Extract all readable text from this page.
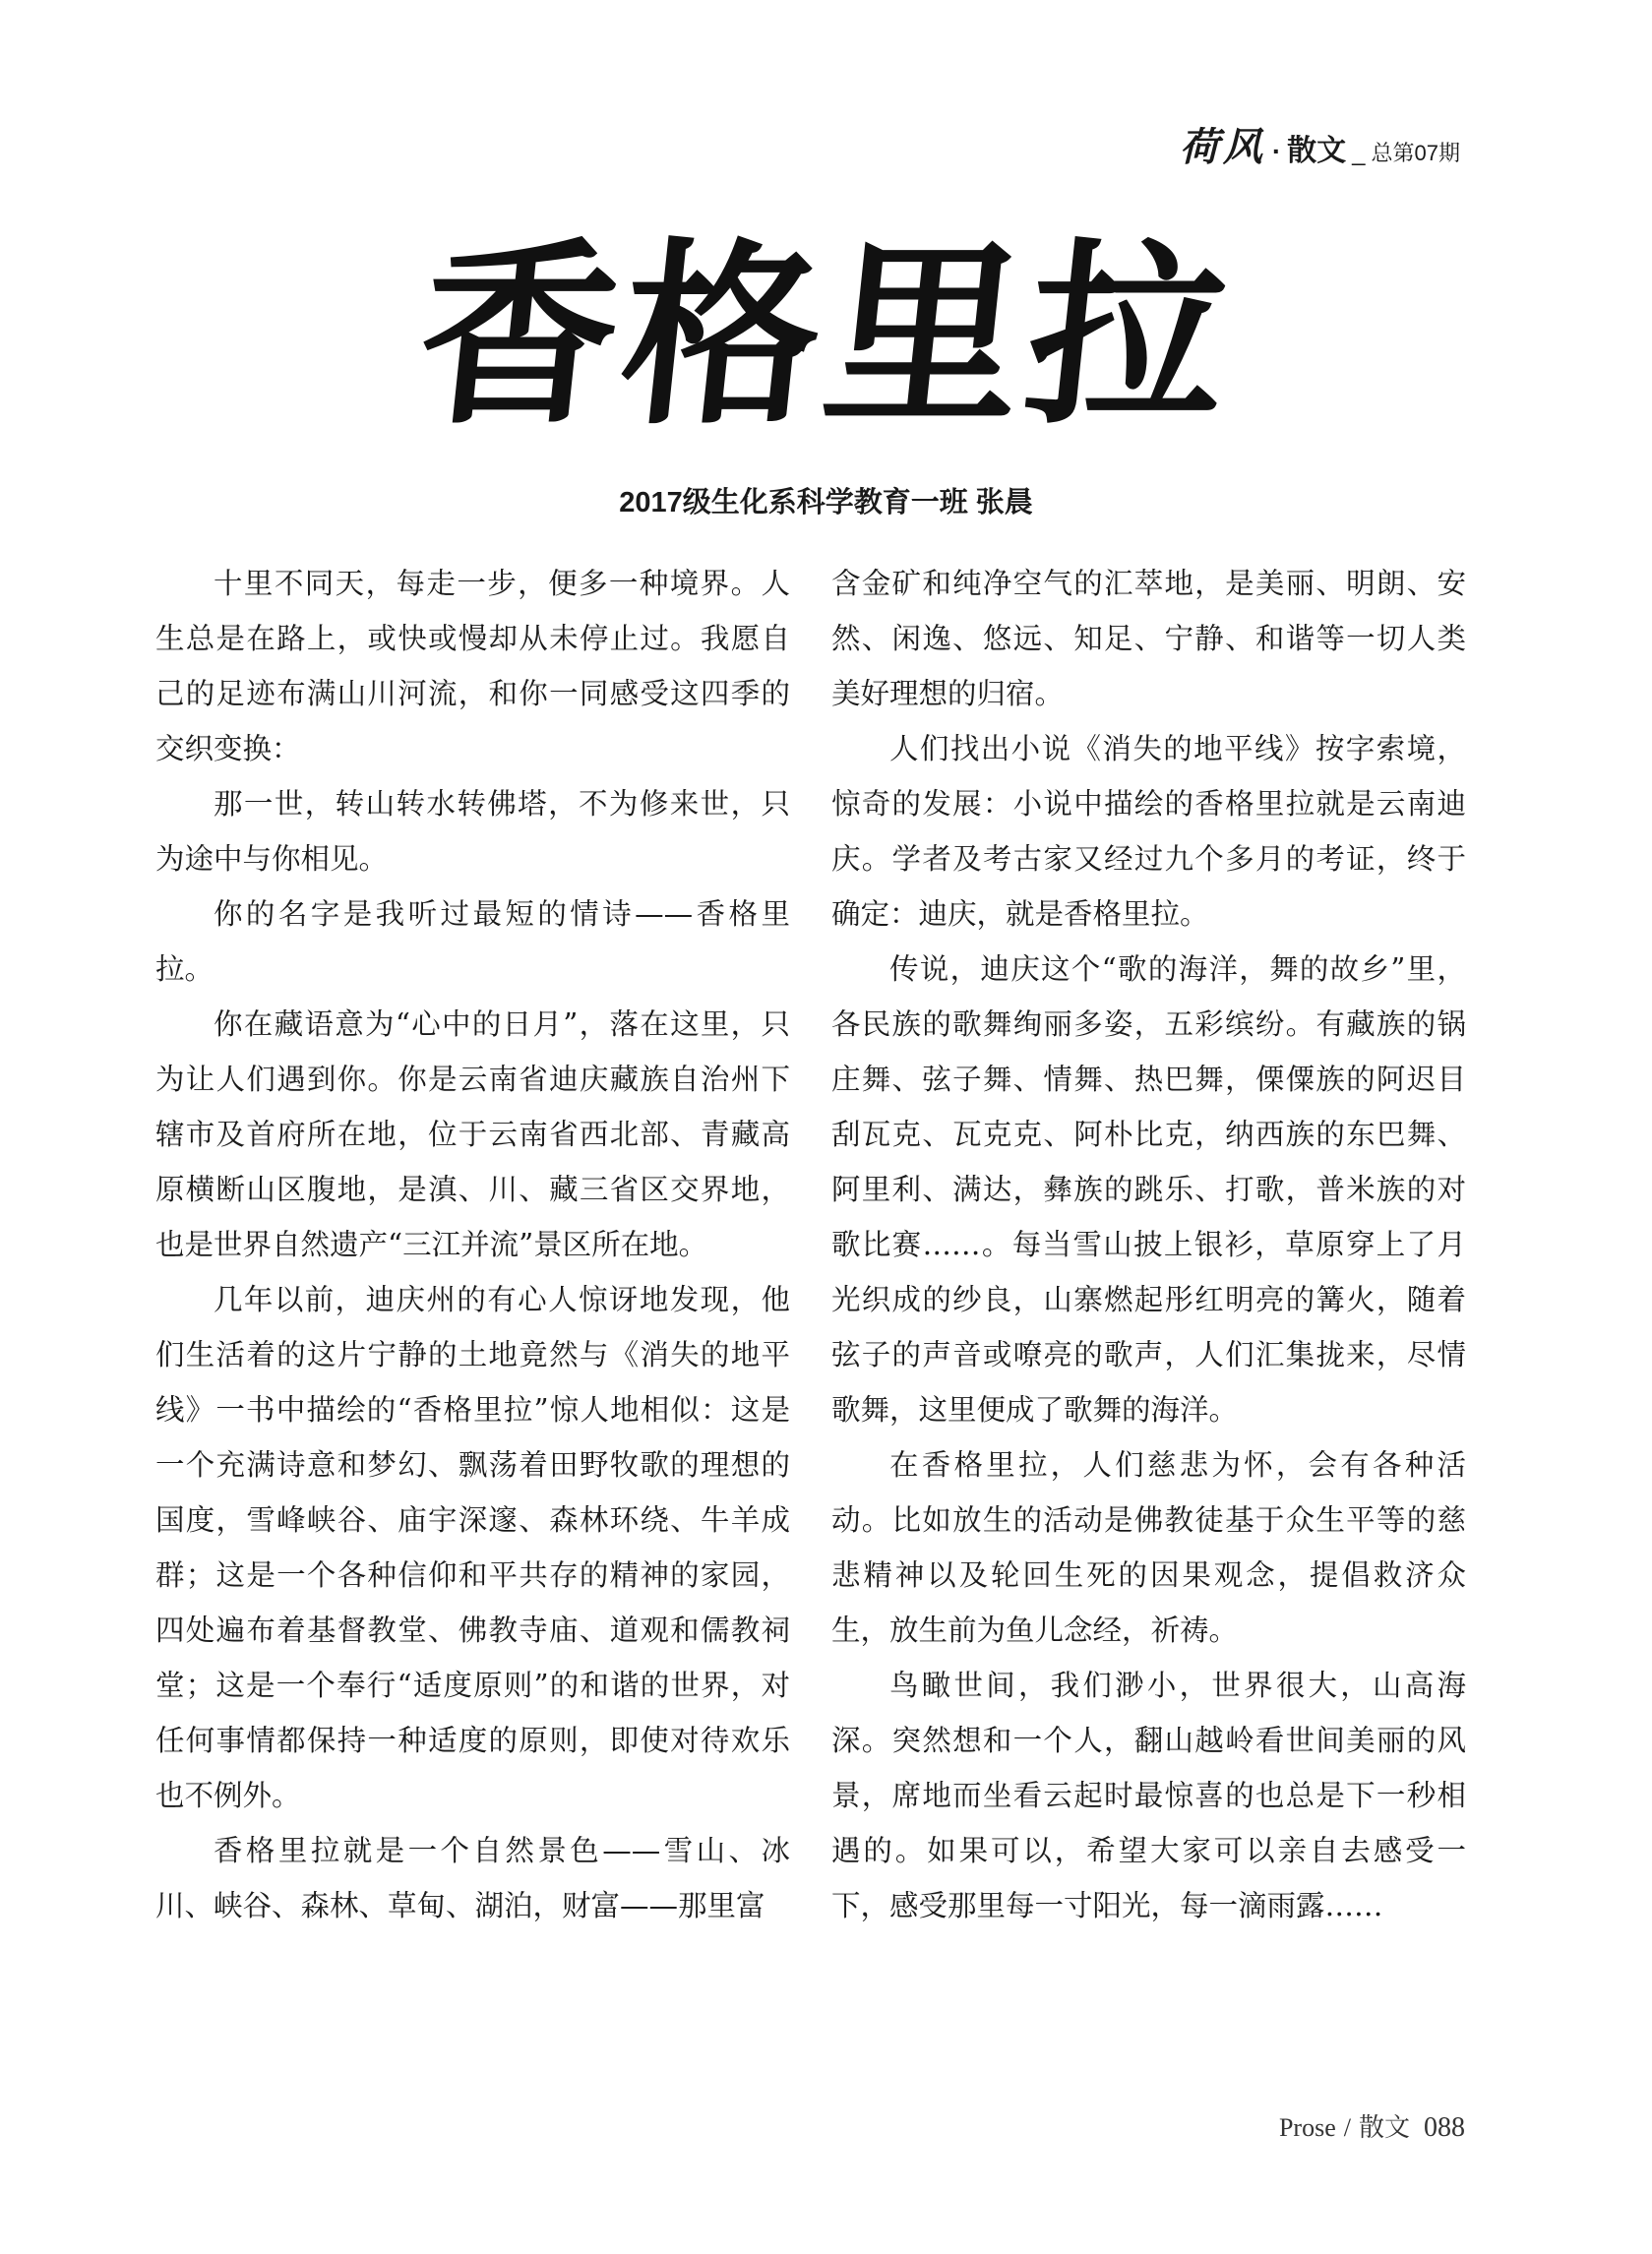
荷风 · 散文 _ 总第07期
香格里拉
2017级生化系科学教育一班 张晨

十里不同天，每走一步，便多一种境界。人生总是在路上，或快或慢却从未停止过。我愿自己的足迹布满山川河流，和你一同感受这四季的交织变换：

那一世，转山转水转佛塔，不为修来世，只为途中与你相见。

你的名字是我听过最短的情诗——香格里拉。

你在藏语意为“心中的日月”，落在这里，只为让人们遇到你。你是云南省迪庆藏族自治州下辖市及首府所在地，位于云南省西北部、青藏高原横断山区腹地，是滇、川、藏三省区交界地，也是世界自然遗产“三江并流”景区所在地。

几年以前，迪庆州的有心人惊讶地发现，他们生活着的这片宁静的土地竟然与《消失的地平线》一书中描绘的“香格里拉”惊人地相似：这是一个充满诗意和梦幻、飘荡着田野牧歌的理想的国度，雪峰峡谷、庙宇深邃、森林环绕、牛羊成群；这是一个各种信仰和平共存的精神的家园，四处遍布着基督教堂、佛教寺庙、道观和儒教祠堂；这是一个奉行“适度原则”的和谐的世界，对任何事情都保持一种适度的原则，即使对待欢乐也不例外。

香格里拉就是一个自然景色——雪山、冰川、峡谷、森林、草甸、湖泊，财富——那里富

含金矿和纯净空气的汇萃地，是美丽、明朗、安然、闲逸、悠远、知足、宁静、和谐等一切人类美好理想的归宿。

人们找出小说《消失的地平线》按字索境，惊奇的发展：小说中描绘的香格里拉就是云南迪庆。学者及考古家又经过九个多月的考证，终于确定：迪庆，就是香格里拉。

传说，迪庆这个“歌的海洋，舞的故乡”里，各民族的歌舞绚丽多姿，五彩缤纷。有藏族的锅庄舞、弦子舞、情舞、热巴舞，傈僳族的阿迟目刮瓦克、瓦克克、阿朴比克，纳西族的东巴舞、阿里利、满达，彝族的跳乐、打歌，普米族的对歌比赛……。每当雪山披上银衫，草原穿上了月光织成的纱良，山寨燃起彤红明亮的篝火，随着弦子的声音或嘹亮的歌声，人们汇集拢来，尽情歌舞，这里便成了歌舞的海洋。

在香格里拉，人们慈悲为怀，会有各种活动。比如放生的活动是佛教徒基于众生平等的慈悲精神以及轮回生死的因果观念，提倡救济众生，放生前为鱼儿念经，祈祷。

鸟瞰世间，我们渺小，世界很大，山高海深。突然想和一个人，翻山越岭看世间美丽的风景，席地而坐看云起时最惊喜的也总是下一秒相遇的。如果可以，希望大家可以亲自去感受一下，感受那里每一寸阳光，每一滴雨露……

Prose / 散文 088
